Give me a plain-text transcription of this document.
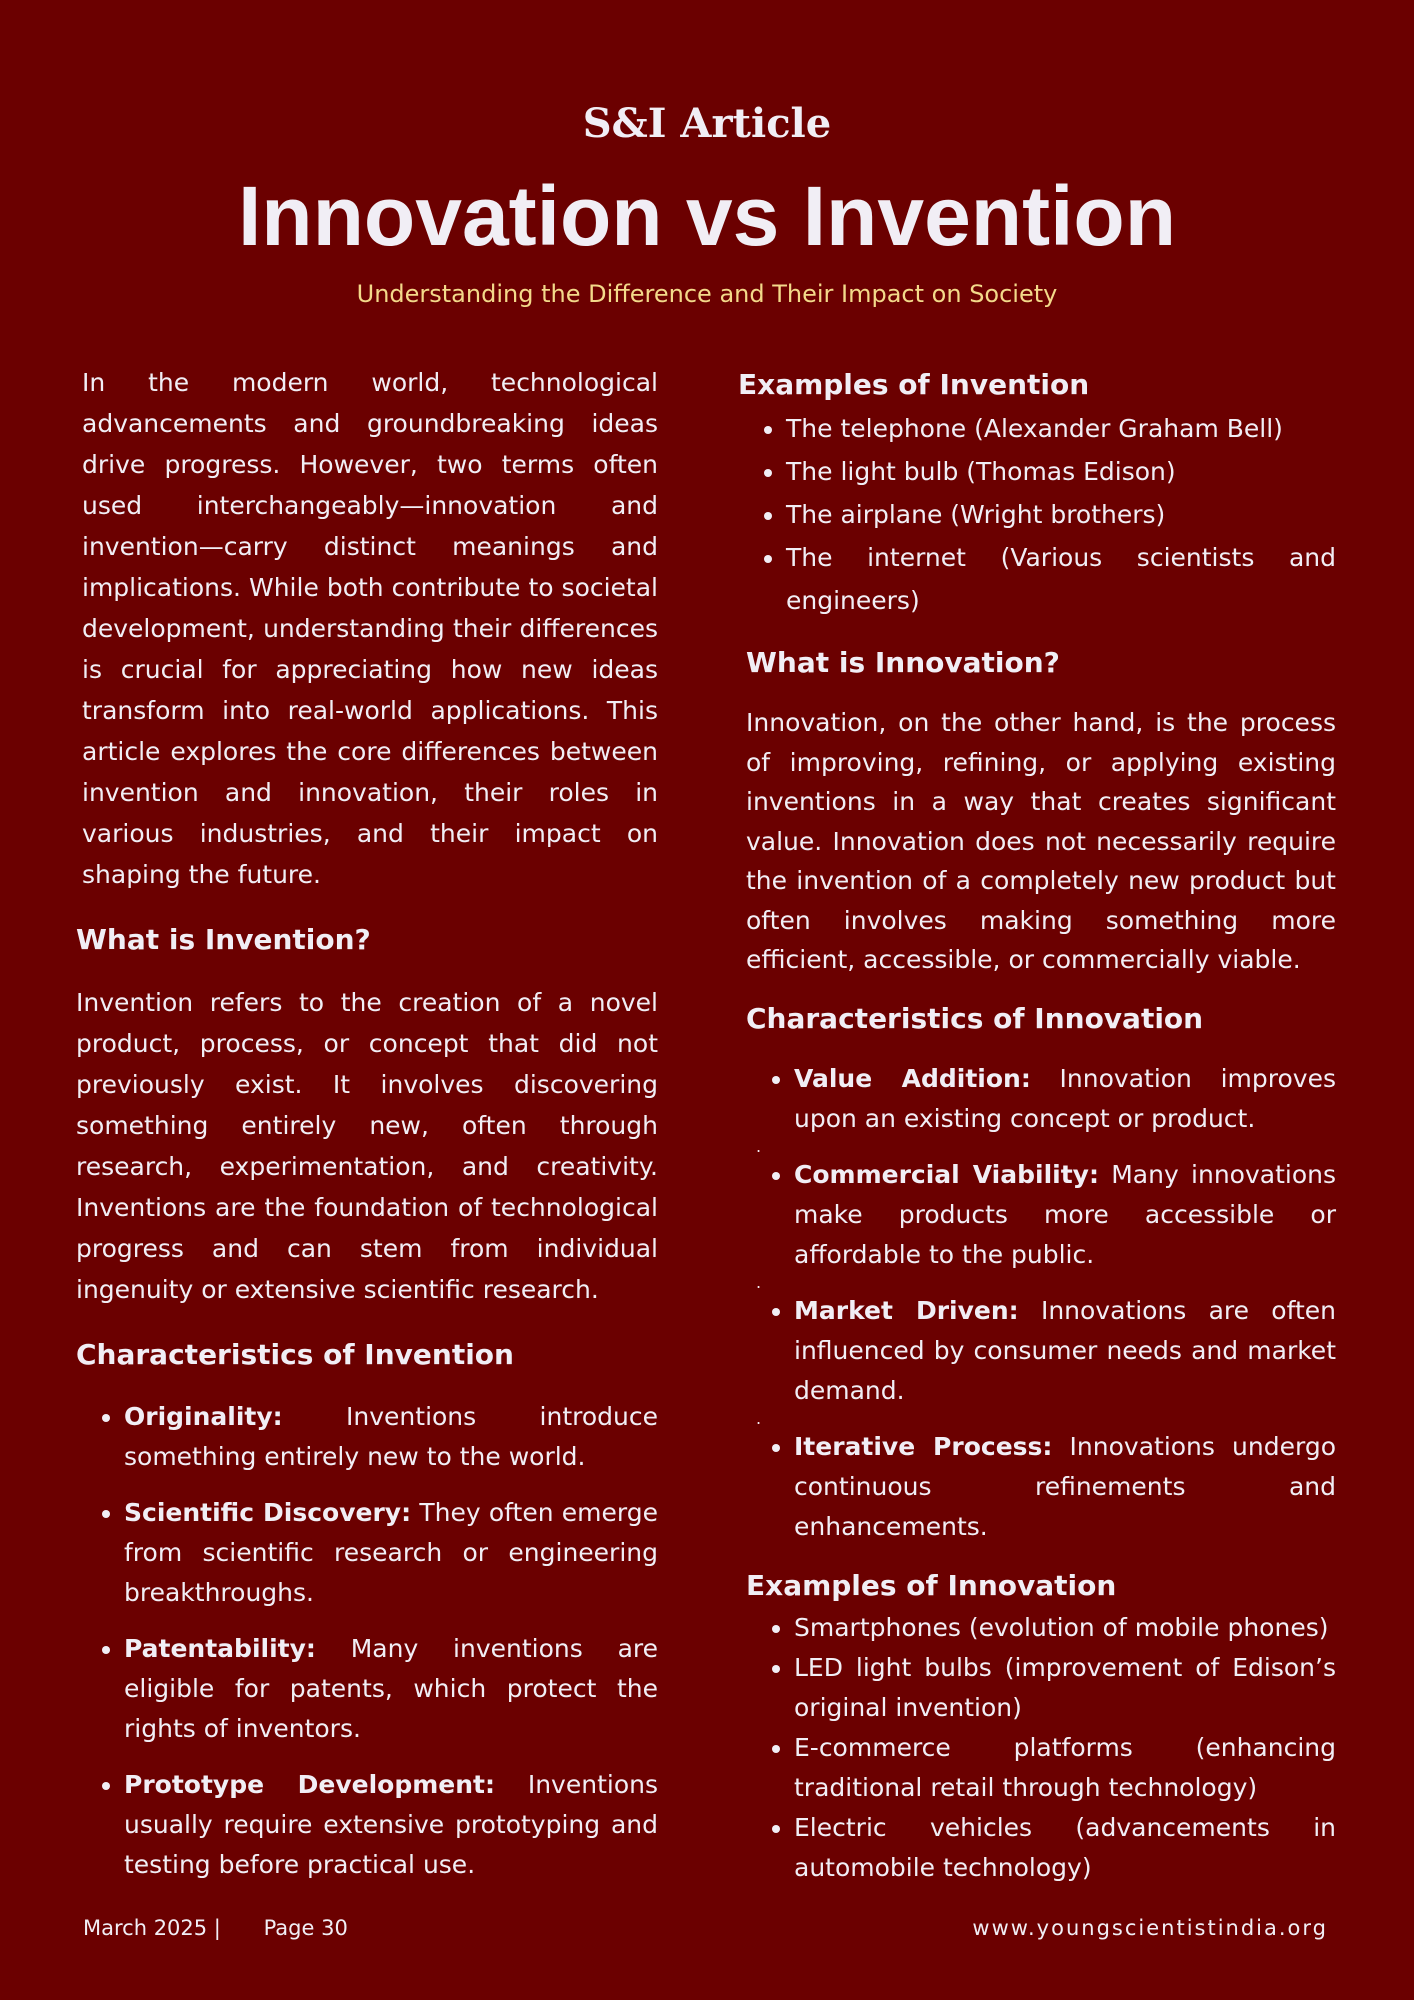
S&I Article
Innovation vs Invention
Understanding the Difference and Their Impact on Society

In the modern world, technological advancements and groundbreaking ideas drive progress. However, two terms often used interchangeably—innovation and invention—carry distinct meanings and implications. While both contribute to societal development, understanding their differences is crucial for appreciating how new ideas transform into real-world applications. This article explores the core differences between invention and innovation, their roles in various industries, and their impact on shaping the future.

What is Invention?

Invention refers to the creation of a novel product, process, or concept that did not previously exist. It involves discovering something entirely new, often through research, experimentation, and creativity. Inventions are the foundation of technological progress and can stem from individual ingenuity or extensive scientific research.

Characteristics of Invention
• Originality: Inventions introduce something entirely new to the world.
• Scientific Discovery: They often emerge from scientific research or engineering breakthroughs.
• Patentability: Many inventions are eligible for patents, which protect the rights of inventors.
• Prototype Development: Inventions usually require extensive prototyping and testing before practical use.
Examples of Invention
• The telephone (Alexander Graham Bell)
• The light bulb (Thomas Edison)
• The airplane (Wright brothers)
• The internet (Various scientists and engineers)
What is Innovation?

Innovation, on the other hand, is the process of improving, refining, or applying existing inventions in a way that creates significant value. Innovation does not necessarily require the invention of a completely new product but often involves making something more efficient, accessible, or commercially viable.

Characteristics of Innovation
• Value Addition: Innovation improves upon an existing concept or product.
.
• Commercial Viability: Many innovations make products more accessible or affordable to the public.
.
• Market Driven: Innovations are often influenced by consumer needs and market demand.
.
• Iterative Process: Innovations undergo continuous refinements and enhancements.
Examples of Innovation
• Smartphones (evolution of mobile phones)
• LED light bulbs (improvement of Edison’s original invention)
• E-commerce platforms (enhancing traditional retail through technology)
• Electric vehicles (advancements in automobile technology)
March 2025 | Page 30	www.youngscientistindia.org
